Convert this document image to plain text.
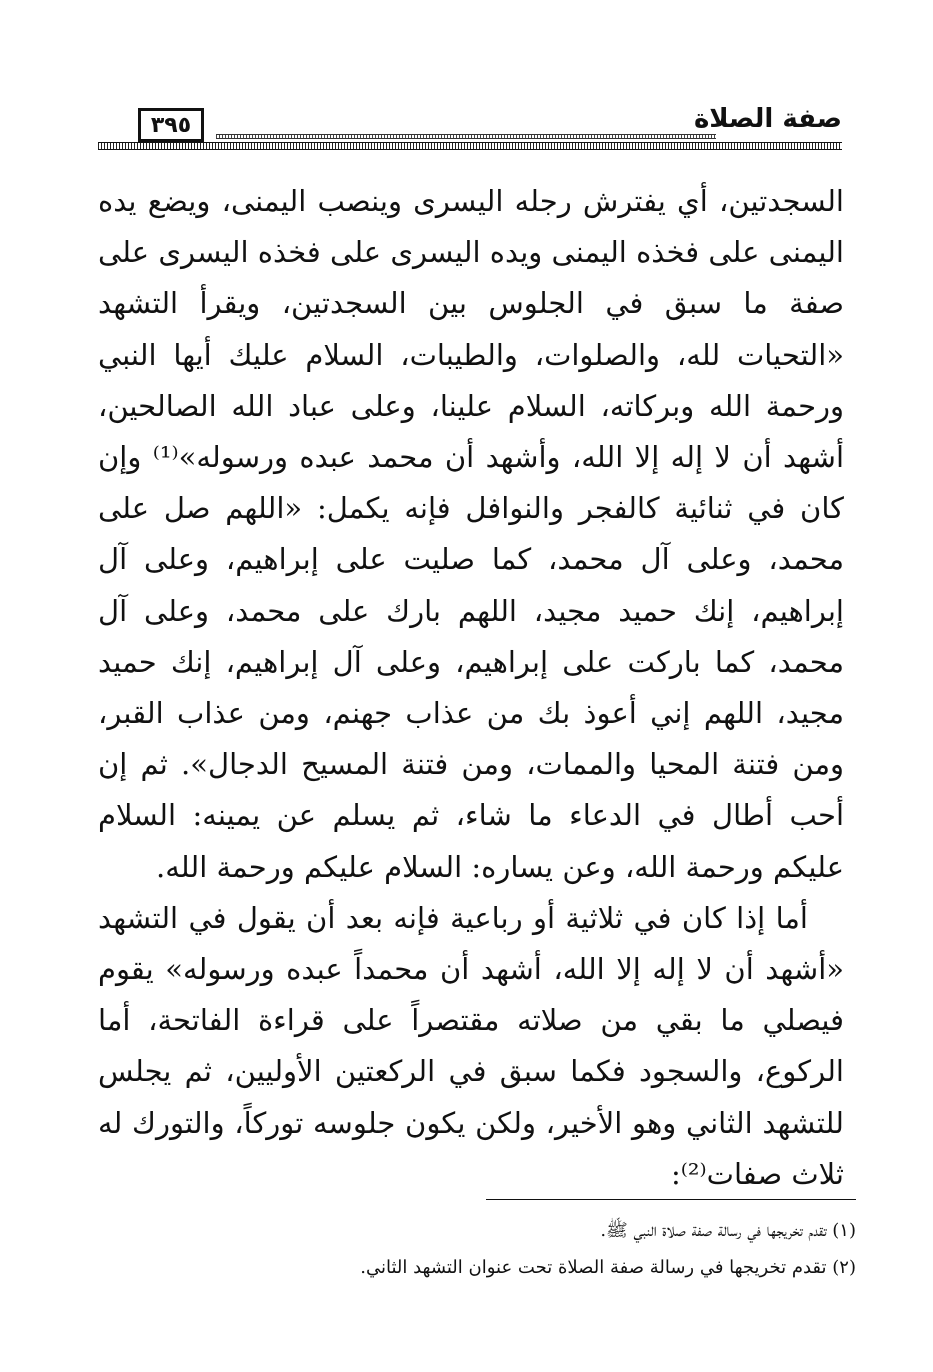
صفة الصلاة
٣٩٥

السجدتين، أي يفترش رجله اليسرى وينصب اليمنى، ويضع يده اليمنى على فخذه اليمنى ويده اليسرى على فخذه اليسرى على صفة ما سبق في الجلوس بين السجدتين، ويقرأ التشهد «التحيات لله، والصلوات، والطيبات، السلام عليك أيها النبي ورحمة الله وبركاته، السلام علينا، وعلى عباد الله الصالحين، أشهد أن لا إله إلا الله، وأشهد أن محمد عبده ورسوله»⁽¹⁾ وإن كان في ثنائية كالفجر والنوافل فإنه يكمل: «اللهم صل على محمد، وعلى آل محمد، كما صليت على إبراهيم، وعلى آل إبراهيم، إنك حميد مجيد، اللهم بارك على محمد، وعلى آل محمد، كما باركت على إبراهيم، وعلى آل إبراهيم، إنك حميد مجيد، اللهم إني أعوذ بك من عذاب جهنم، ومن عذاب القبر، ومن فتنة المحيا والممات، ومن فتنة المسيح الدجال». ثم إن أحب أطال في الدعاء ما شاء، ثم يسلم عن يمينه: السلام عليكم ورحمة الله، وعن يساره: السلام عليكم ورحمة الله.

أما إذا كان في ثلاثية أو رباعية فإنه بعد أن يقول في التشهد «أشهد أن لا إله إلا الله، أشهد أن محمداً عبده ورسوله» يقوم فيصلي ما بقي من صلاته مقتصراً على قراءة الفاتحة، أما الركوع، والسجود فكما سبق في الركعتين الأوليين، ثم يجلس للتشهد الثاني وهو الأخير، ولكن يكون جلوسه توركاً، والتورك له ثلاث صفات⁽²⁾:

(١) تقدم تخريجها في رسالة صفة صلاة النبي ﷺ.

(٢) تقدم تخريجها في رسالة صفة الصلاة تحت عنوان التشهد الثاني.
